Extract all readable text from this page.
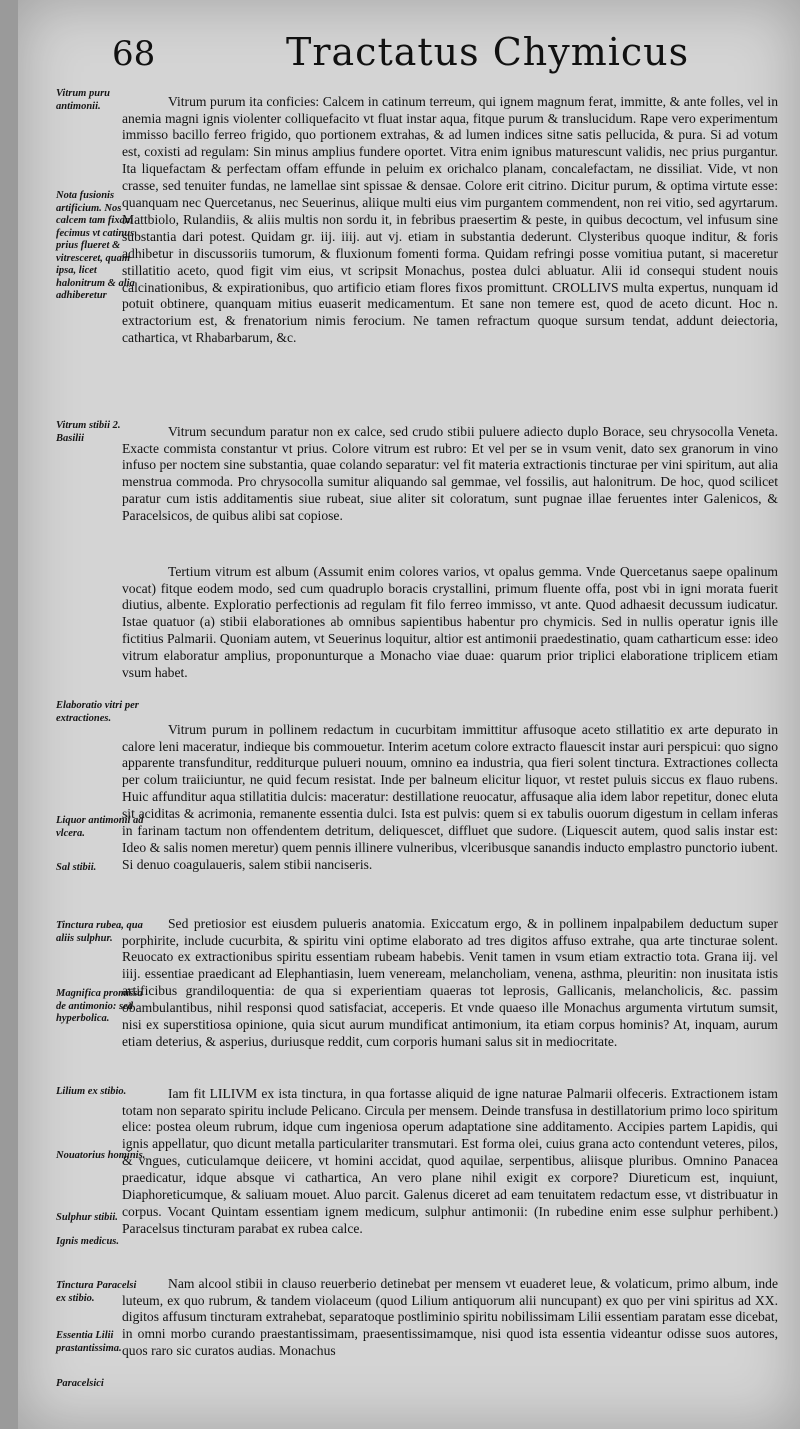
68	Tractatus Chymicus
Vitrum puru antimonii.
Nota fusionis artificium. Nos calcem tam fixam fecimus vt catinus prius flueret & vitresceret, quam ipsa, licet halonitrum & alia adhiberetur
Vitrum stibii 2. Basilii
Elaboratio vitri per extractiones.
Liquor antimonii ad vlcera.
Sal stibii.
Tinctura rubea, qua aliis sulphur.
Magnifica promissa de antimonio: sed hyperbolica.
Lilium ex stibio.
Nouatorius hominis.
Sulphur stibii.
Ignis medicus.
Tinctura Paracelsi ex stibio.
Essentia Lilii prastantissima.
Paracelsici

Vitrum purum ita conficies: Calcem in catinum terreum, qui ignem magnum ferat, immitte, & ante folles, vel in anemia magni ignis violenter colliquefacito vt fluat instar aqua, fitque purum & translucidum. Rape vero experimentum immisso bacillo ferreo frigido, quo portionem extrahas, & ad lumen indices sitne satis pellucida, & pura. Si ad votum est, coxisti ad regulam: Sin minus amplius fundere oportet. Vitra enim ignibus maturescunt validis, nec prius purgantur. Ita liquefactam & perfectam offam effunde in peluim ex orichalco planam, concalefactam, ne dissiliat. Vide, vt non crasse, sed tenuiter fundas, ne lamellae sint spissae & densae. Colore erit citrino. Dicitur purum, & optima virtute esse: quanquam nec Quercetanus, nec Seuerinus, aliique multi eius vim purgantem commendent, non rei vitio, sed agyrtarum. Mattbiolo, Rulandiis, & aliis multis non sordu it, in febribus praesertim & peste, in quibus decoctum, vel infusum sine substantia dari potest. Quidam gr. iij. iiij. aut vj. etiam in substantia dederunt. Clysteribus quoque inditur, & foris adhibetur in discussoriis tumorum, & fluxionum fomenti forma. Quidam refringi posse vomitiua putant, si maceretur stillatitio aceto, quod figit vim eius, vt scripsit Monachus, postea dulci abluatur. Alii id consequi student nouis calcinationibus, & expirationibus, quo artificio etiam flores fixos promittunt. CROLLIVS multa expertus, nunquam id potuit obtinere, quanquam mitius euaserit medicamentum. Et sane non temere est, quod de aceto dicunt. Hoc n. extractorium est, & frenatorium nimis ferocium. Ne tamen refractum quoque sursum tendat, addunt deiectoria, cathartica, vt Rhabarbarum, &c.

Vitrum secundum paratur non ex calce, sed crudo stibii puluere adiecto duplo Borace, seu chrysocolla Veneta. Exacte commista constantur vt prius. Colore vitrum est rubro: Et vel per se in vsum venit, dato sex granorum in vino infuso per noctem sine substantia, quae colando separatur: vel fit materia extractionis tincturae per vini spiritum, aut alia menstrua commoda. Pro chrysocolla sumitur aliquando sal gemmae, vel fossilis, aut halonitrum. De hoc, quod scilicet paratur cum istis additamentis siue rubeat, siue aliter sit coloratum, sunt pugnae illae feruentes inter Galenicos, & Paracelsicos, de quibus alibi sat copiose.

Tertium vitrum est album (Assumit enim colores varios, vt opalus gemma. Vnde Quercetanus saepe opalinum vocat) fitque eodem modo, sed cum quadruplo boracis crystallini, primum fluente offa, post vbi in igni morata fuerit diutius, albente. Exploratio perfectionis ad regulam fit filo ferreo immisso, vt ante. Quod adhaesit decussum iudicatur. Istae quatuor (a) stibii elaborationes ab omnibus sapientibus habentur pro chymicis. Sed in nullis operatur ignis ille fictitius Palmarii. Quoniam autem, vt Seuerinus loquitur, altior est antimonii praedestinatio, quam catharticum esse: ideo vitrum elaboratur amplius, proponunturque a Monacho viae duae: quarum prior triplici elaboratione triplicem etiam vsum habet.

Vitrum purum in pollinem redactum in cucurbitam immittitur affusoque aceto stillatitio ex arte depurato in calore leni maceratur, indieque bis commouetur. Interim acetum colore extracto flauescit instar auri perspicui: quo signo apparente transfunditur, redditurque pulueri nouum, omnino ea industria, qua fieri solent tinctura. Extractiones collecta per colum traiiciuntur, ne quid fecum resistat. Inde per balneum elicitur liquor, vt restet puluis siccus ex flauo rubens. Huic affunditur aqua stillatitia dulcis: maceratur: destillatione reuocatur, affusaque alia idem labor repetitur, donec eluta sit aciditas & acrimonia, remanente essentia dulci. Ista est pulvis: quem si ex tabulis ouorum digestum in cellam inferas in farinam tactum non offendentem detritum, deliquescet, diffluet que sudore. (Liquescit autem, quod salis instar est: Ideo & salis nomen meretur) quem pennis illinere vulneribus, vlceribusque sanandis inducto emplastro punctorio iubent. Si denuo coagulaueris, salem stibii nanciseris.

Sed pretiosior est eiusdem pulueris anatomia. Exiccatum ergo, & in pollinem inpalpabilem deductum super porphirite, include cucurbita, & spiritu vini optime elaborato ad tres digitos affuso extrahe, qua arte tincturae solent. Reuocato ex extractionibus spiritu essentiam rubeam habebis. Venit tamen in vsum etiam extractio tota. Grana iij. vel iiij. essentiae praedicant ad Elephantiasin, luem veneream, melancholiam, venena, asthma, pleuritin: non inusitata istis artificibus grandiloquentia: de qua si experientiam quaeras tot leprosis, Gallicanis, melancholicis, &c. passim obambulantibus, nihil responsi quod satisfaciat, acceperis. Et vnde quaeso ille Monachus argumenta virtutum sumsit, nisi ex superstitiosa opinione, quia sicut aurum mundificat antimonium, ita etiam corpus hominis? At, inquam, aurum etiam deterius, & asperius, duriusque reddit, cum corporis humani salus sit in mediocritate.

Iam fit LILIVM ex ista tinctura, in qua fortasse aliquid de igne naturae Palmarii olfeceris. Extractionem istam totam non separato spiritu include Pelicano. Circula per mensem. Deinde transfusa in destillatorium primo loco spiritum elice: postea oleum rubrum, idque cum ingeniosa operum adaptatione sine additamento. Accipies partem Lapidis, qui ignis appellatur, quo dicunt metalla particulariter transmutari. Est forma olei, cuius grana acto contendunt veteres, pilos, & vngues, cuticulamque deiicere, vt homini accidat, quod aquilae, serpentibus, aliisque pluribus. Omnino Panacea praedicatur, idque absque vi cathartica, An vero plane nihil exigit ex corpore? Diureticum est, inquiunt, Diaphoreticumque, & saliuam mouet. Aluo parcit. Galenus diceret ad eam tenuitatem redactum esse, vt distribuatur in corpus. Vocant Quintam essentiam ignem medicum, sulphur antimonii: (In rubedine enim esse sulphur perhibent.) Paracelsus tincturam parabat ex rubea calce.

Nam alcool stibii in clauso reuerberio detinebat per mensem vt euaderet leue, & volaticum, primo album, inde luteum, ex quo rubrum, & tandem violaceum (quod Lilium antiquorum alii nuncupant) ex quo per vini spiritus ad XX. digitos affusum tincturam extrahebat, separatoque postliminio spiritu nobilissimam Lilii essentiam paratam esse dicebat, in omni morbo curando praestantissimam, praesentissimamque, nisi quod ista essentia videantur odisse suos autores, quos raro sic curatos audias. Monachus
